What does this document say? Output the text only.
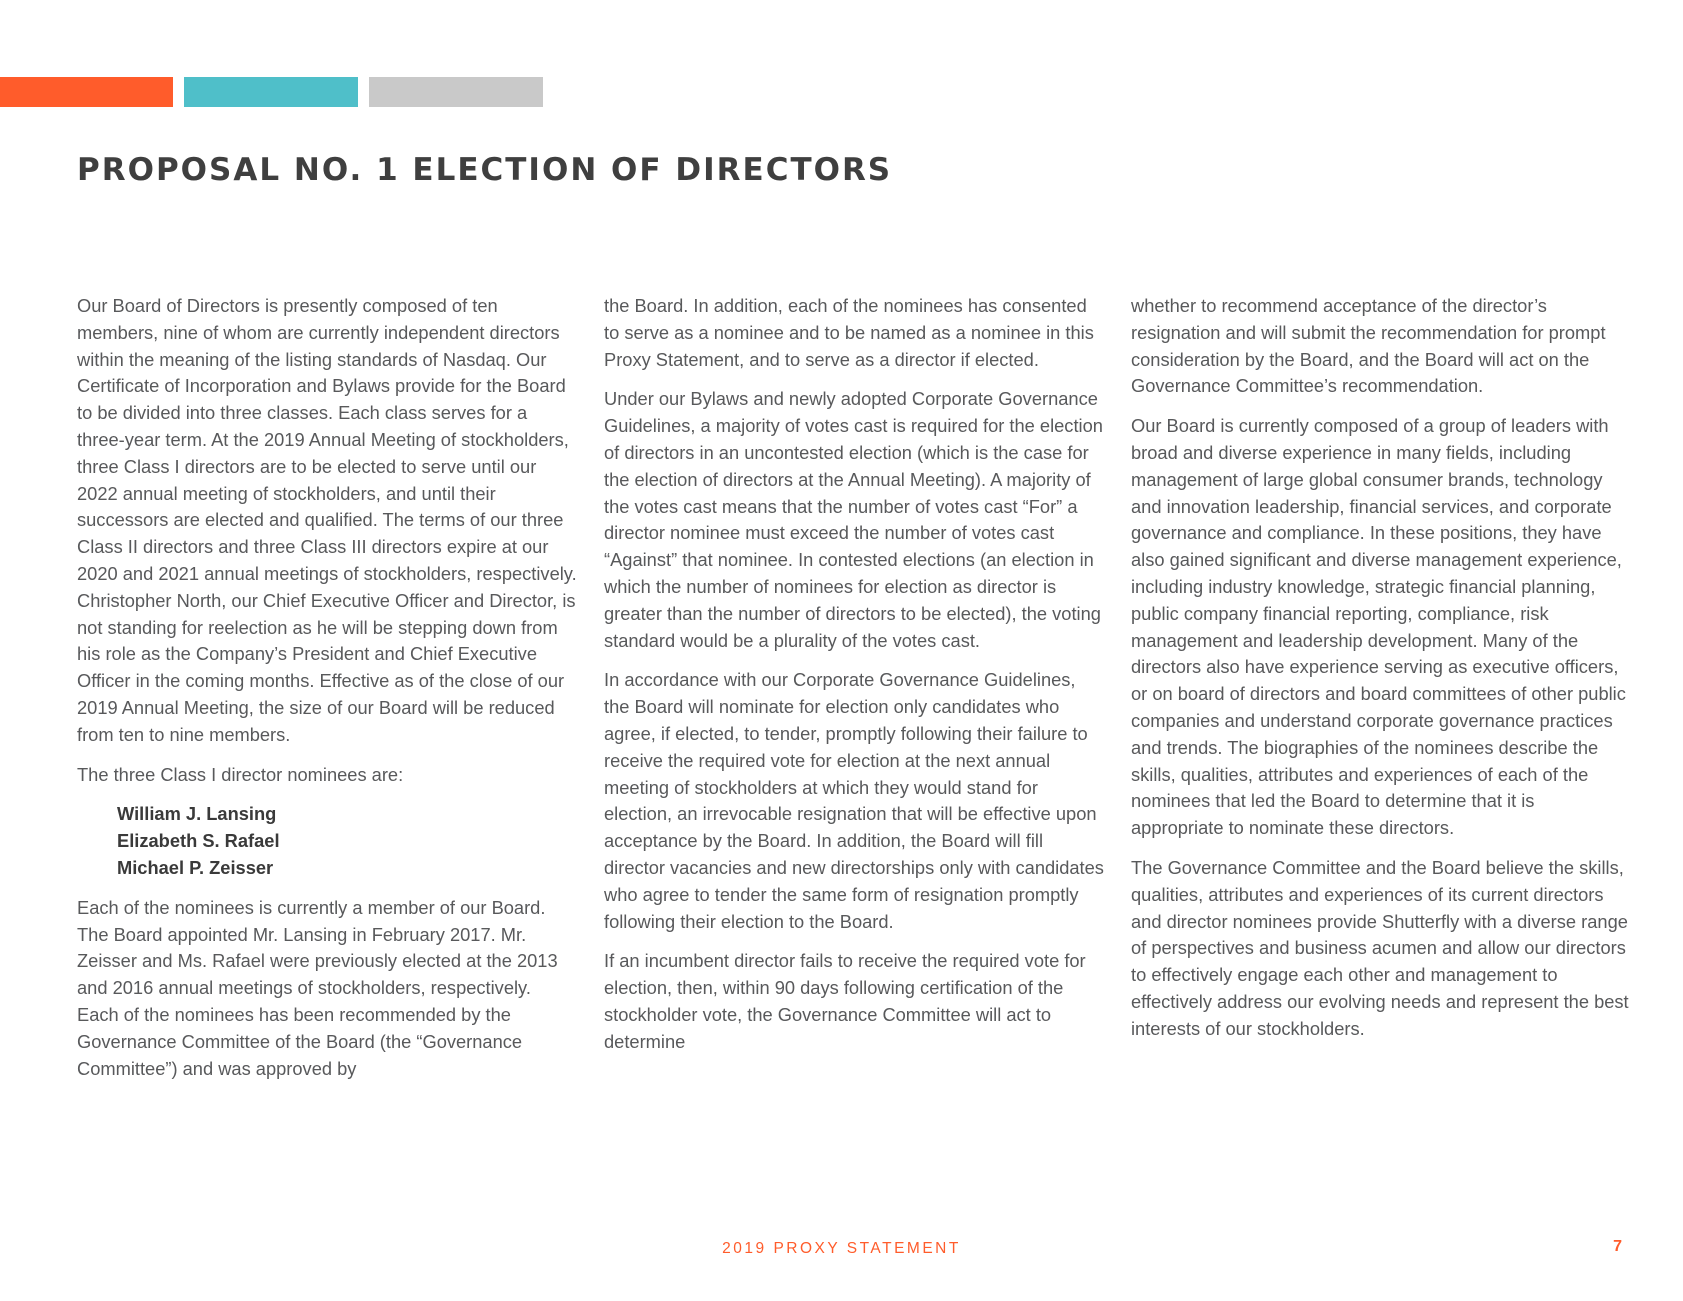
PROPOSAL NO. 1 ELECTION OF DIRECTORS

Our Board of Directors is presently composed of ten members, nine of whom are currently independent directors within the meaning of the listing standards of Nasdaq. Our Certificate of Incorporation and Bylaws provide for the Board to be divided into three classes. Each class serves for a three-year term. At the 2019 Annual Meeting of stockholders, three Class I directors are to be elected to serve until our 2022 annual meeting of stockholders, and until their successors are elected and qualified. The terms of our three Class II directors and three Class III directors expire at our 2020 and 2021 annual meetings of stockholders, respectively. Christopher North, our Chief Executive Officer and Director, is not standing for reelection as he will be stepping down from his role as the Company’s President and Chief Executive Officer in the coming months. Effective as of the close of our 2019 Annual Meeting, the size of our Board will be reduced from ten to nine members.

The three Class I director nominees are:

William J. Lansing
Elizabeth S. Rafael
Michael P. Zeisser

Each of the nominees is currently a member of our Board. The Board appointed Mr. Lansing in February 2017. Mr. Zeisser and Ms. Rafael were previously elected at the 2013 and 2016 annual meetings of stockholders, respectively. Each of the nominees has been recommended by the Governance Committee of the Board (the “Governance Committee”) and was approved by

the Board. In addition, each of the nominees has consented to serve as a nominee and to be named as a nominee in this Proxy Statement, and to serve as a director if elected.

Under our Bylaws and newly adopted Corporate Governance Guidelines, a majority of votes cast is required for the election of directors in an uncontested election (which is the case for the election of directors at the Annual Meeting). A majority of the votes cast means that the number of votes cast “For” a director nominee must exceed the number of votes cast “Against” that nominee. In contested elections (an election in which the number of nominees for election as director is greater than the number of directors to be elected), the voting standard would be a plurality of the votes cast.

In accordance with our Corporate Governance Guidelines, the Board will nominate for election only candidates who agree, if elected, to tender, promptly following their failure to receive the required vote for election at the next annual meeting of stockholders at which they would stand for election, an irrevocable resignation that will be effective upon acceptance by the Board. In addition, the Board will fill director vacancies and new directorships only with candidates who agree to tender the same form of resignation promptly following their election to the Board.

If an incumbent director fails to receive the required vote for election, then, within 90 days following certification of the stockholder vote, the Governance Committee will act to determine

whether to recommend acceptance of the director’s resignation and will submit the recommendation for prompt consideration by the Board, and the Board will act on the Governance Committee’s recommendation.

Our Board is currently composed of a group of leaders with broad and diverse experience in many fields, including management of large global consumer brands, technology and innovation leadership, financial services, and corporate governance and compliance. In these positions, they have also gained significant and diverse management experience, including industry knowledge, strategic financial planning, public company financial reporting, compliance, risk management and leadership development. Many of the directors also have experience serving as executive officers, or on board of directors and board committees of other public companies and understand corporate governance practices and trends. The biographies of the nominees describe the skills, qualities, attributes and experiences of each of the nominees that led the Board to determine that it is appropriate to nominate these directors.

The Governance Committee and the Board believe the skills, qualities, attributes and experiences of its current directors and director nominees provide Shutterfly with a diverse range of perspectives and business acumen and allow our directors to effectively engage each other and management to effectively address our evolving needs and represent the best interests of our stockholders.

2019 PROXY STATEMENT	7
